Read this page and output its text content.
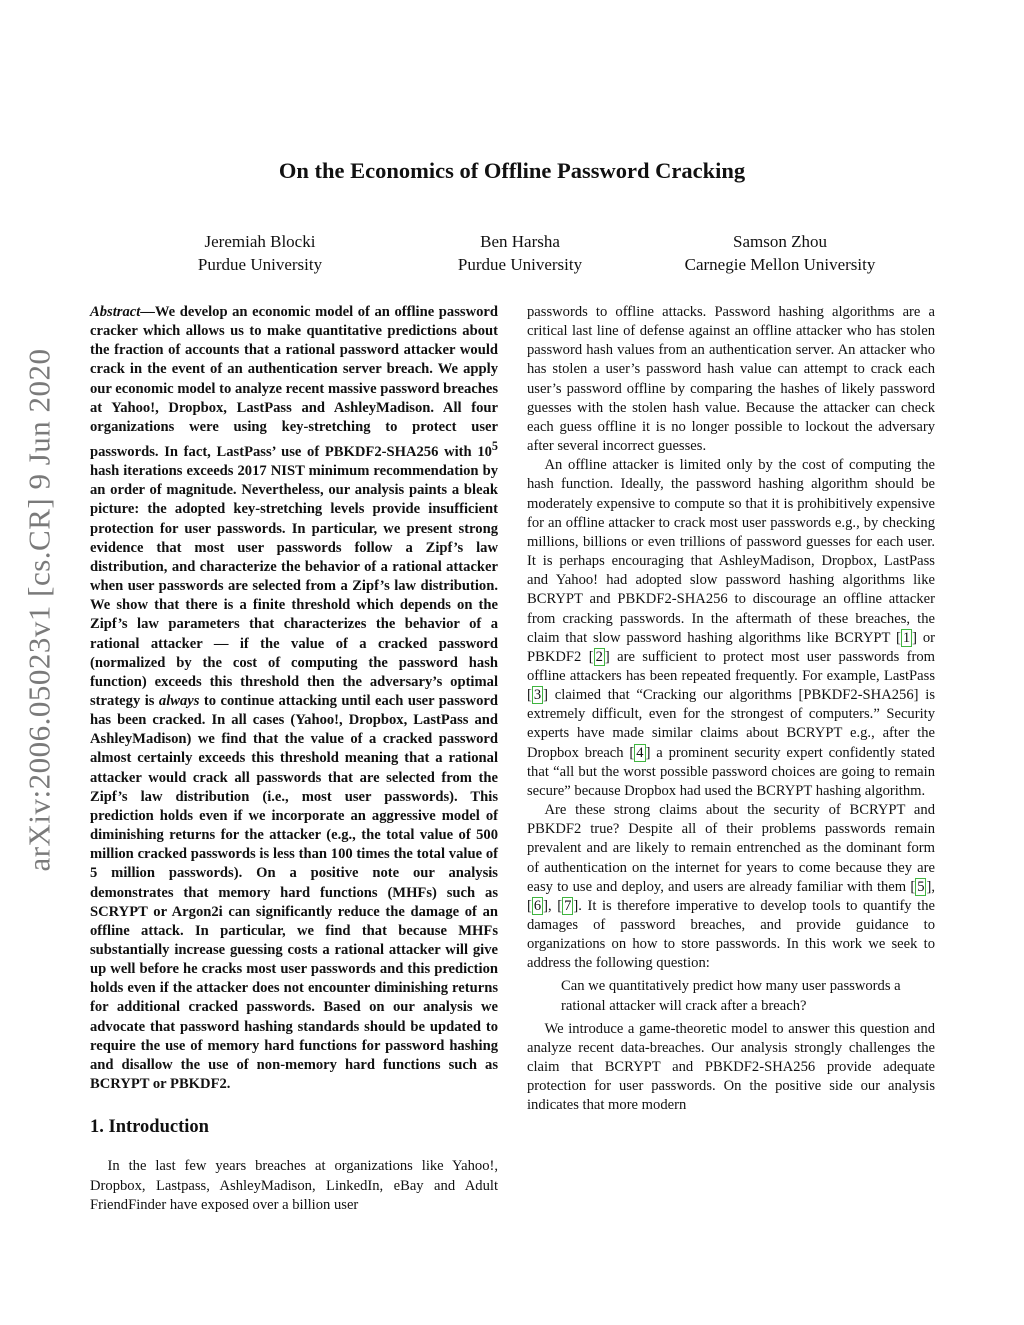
arXiv:2006.05023v1 [cs.CR] 9 Jun 2020
On the Economics of Offline Password Cracking
Jeremiah Blocki
Purdue University
Ben Harsha
Purdue University
Samson Zhou
Carnegie Mellon University

Abstract—We develop an economic model of an offline password cracker which allows us to make quantitative predictions about the fraction of accounts that a rational password attacker would crack in the event of an authentication server breach. We apply our economic model to analyze recent massive password breaches at Yahoo!, Dropbox, LastPass and AshleyMadison. All four organizations were using key-stretching to protect user passwords. In fact, LastPass’ use of PBKDF2-SHA256 with $10^5$ hash iterations exceeds 2017 NIST minimum recommendation by an order of magnitude. Nevertheless, our analysis paints a bleak picture: the adopted key-stretching levels provide insufficient protection for user passwords. In particular, we present strong evidence that most user passwords follow a Zipf’s law distribution, and characterize the behavior of a rational attacker when user passwords are selected from a Zipf’s law distribution. We show that there is a finite threshold which depends on the Zipf’s law parameters that characterizes the behavior of a rational attacker — if the value of a cracked password (normalized by the cost of computing the password hash function) exceeds this threshold then the adversary’s optimal strategy is always to continue attacking until each user password has been cracked. In all cases (Yahoo!, Dropbox, LastPass and AshleyMadison) we find that the value of a cracked password almost certainly exceeds this threshold meaning that a rational attacker would crack all passwords that are selected from the Zipf’s law distribution (i.e., most user passwords). This prediction holds even if we incorporate an aggressive model of diminishing returns for the attacker (e.g., the total value of 500 million cracked passwords is less than 100 times the total value of 5 million passwords). On a positive note our analysis demonstrates that memory hard functions (MHFs) such as SCRYPT or Argon2i can significantly reduce the damage of an offline attack. In particular, we find that because MHFs substantially increase guessing costs a rational attacker will give up well before he cracks most user passwords and this prediction holds even if the attacker does not encounter diminishing returns for additional cracked passwords. Based on our analysis we advocate that password hashing standards should be updated to require the use of memory hard functions for password hashing and disallow the use of non-memory hard functions such as BCRYPT or PBKDF2.

1. Introduction

In the last few years breaches at organizations like Yahoo!, Dropbox, Lastpass, AshleyMadison, LinkedIn, eBay and Adult FriendFinder have exposed over a billion user

passwords to offline attacks. Password hashing algorithms are a critical last line of defense against an offline attacker who has stolen password hash values from an authentication server. An attacker who has stolen a user’s password hash value can attempt to crack each user’s password offline by comparing the hashes of likely password guesses with the stolen hash value. Because the attacker can check each guess offline it is no longer possible to lockout the adversary after several incorrect guesses.

An offline attacker is limited only by the cost of computing the hash function. Ideally, the password hashing algorithm should be moderately expensive to compute so that it is prohibitively expensive for an offline attacker to crack most user passwords e.g., by checking millions, billions or even trillions of password guesses for each user. It is perhaps encouraging that AshleyMadison, Dropbox, LastPass and Yahoo! had adopted slow password hashing algorithms like BCRYPT and PBKDF2-SHA256 to discourage an offline attacker from cracking passwords. In the aftermath of these breaches, the claim that slow password hashing algorithms like BCRYPT [ 1 ] or PBKDF2 [ 2 ] are sufficient to protect most user passwords from offline attackers has been repeated frequently. For example, LastPass [ 3 ] claimed that “Cracking our algorithms [PBKDF2-SHA256] is extremely difficult, even for the strongest of computers.” Security experts have made similar claims about BCRYPT e.g., after the Dropbox breach [ 4 ] a prominent security expert confidently stated that “all but the worst possible password choices are going to remain secure” because Dropbox had used the BCRYPT hashing algorithm.

Are these strong claims about the security of BCRYPT and PBKDF2 true? Despite all of their problems passwords remain prevalent and are likely to remain entrenched as the dominant form of authentication on the internet for years to come because they are easy to use and deploy, and users are already familiar with them [ 5 ], [ 6 ], [ 7 ]. It is therefore imperative to develop tools to quantify the damages of password breaches, and provide guidance to organizations on how to store passwords. In this work we seek to address the following question:

Can we quantitatively predict how many user passwords a rational attacker will crack after a breach?

We introduce a game-theoretic model to answer this question and analyze recent data-breaches. Our analysis strongly challenges the claim that BCRYPT and PBKDF2-SHA256 provide adequate protection for user passwords. On the positive side our analysis indicates that more modern
